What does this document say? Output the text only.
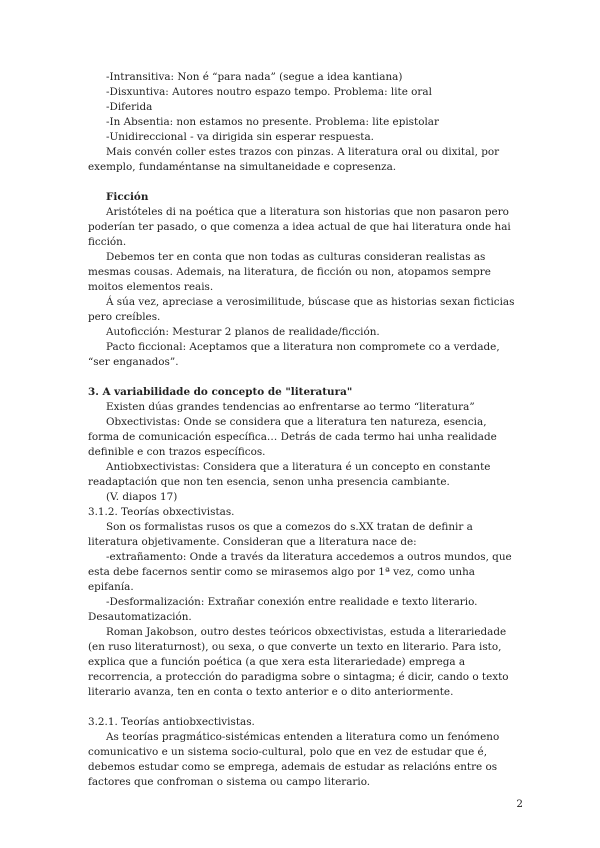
-Intransitiva: Non é “para nada” (segue a idea kantiana)

-Disxuntiva: Autores noutro espazo tempo. Problema: lite oral

-Diferida

-In Absentia: non estamos no presente. Problema: lite epistolar

-Unidireccional - va dirigida sin esperar respuesta.

Mais convén coller estes trazos con pinzas. A literatura oral ou dixital, por exemplo, fundaméntanse na simultaneidade e copresenza.

Ficción

Aristóteles di na poética que a literatura son historias que non pasaron pero poderían ter pasado, o que comenza a idea actual de que hai literatura onde hai ficción.

Debemos ter en conta que non todas as culturas consideran realistas as mesmas cousas. Ademais, na literatura, de ficción ou non, atopamos sempre moitos elementos reais.

Á súa vez, apreciase a verosimilitude, búscase que as historias sexan ficticias pero creíbles.

Autoficción: Mesturar 2 planos de realidade/ficción.

Pacto ficcional: Aceptamos que a literatura non compromete co a verdade, “ser enganados”.

3. A variabilidade do concepto de "literatura"

Existen dúas grandes tendencias ao enfrentarse ao termo “literatura”

Obxectivistas: Onde se considera que a literatura ten natureza, esencia, forma de comunicación específica… Detrás de cada termo hai unha realidade definible e con trazos específicos.

Antiobxectivistas: Considera que a literatura é un concepto en constante readaptación que non ten esencia, senon unha presencia cambiante.

(V. diapos 17)

3.1.2. Teorías obxectivistas.

Son os formalistas rusos os que a comezos do s.XX tratan de definir a literatura objetivamente. Consideran que a literatura nace de:

-extrañamento: Onde a través da literatura accedemos a outros mundos, que esta debe facernos sentir como se mirasemos algo por 1ª vez, como unha epifanía.

-Desformalización: Extrañar conexión entre realidade e texto literario. Desautomatización.

Roman Jakobson, outro destes teóricos obxectivistas, estuda a literariedade (en ruso literaturnost), ou sexa, o que converte un texto en literario. Para isto, explica que a función poética (a que xera esta literariedade) emprega a recorrencia, a protección do paradigma sobre o sintagma; é dicir, cando o texto literario avanza, ten en conta o texto anterior e o dito anteriormente.

3.2.1. Teorías antiobxectivistas.

As teorías pragmático-sistémicas entenden a literatura como un fenómeno comunicativo e un sistema socio-cultural, polo que en vez de estudar que é, debemos estudar como se emprega, ademais de estudar as relacións entre os factores que confroman o sistema ou campo literario.

2
